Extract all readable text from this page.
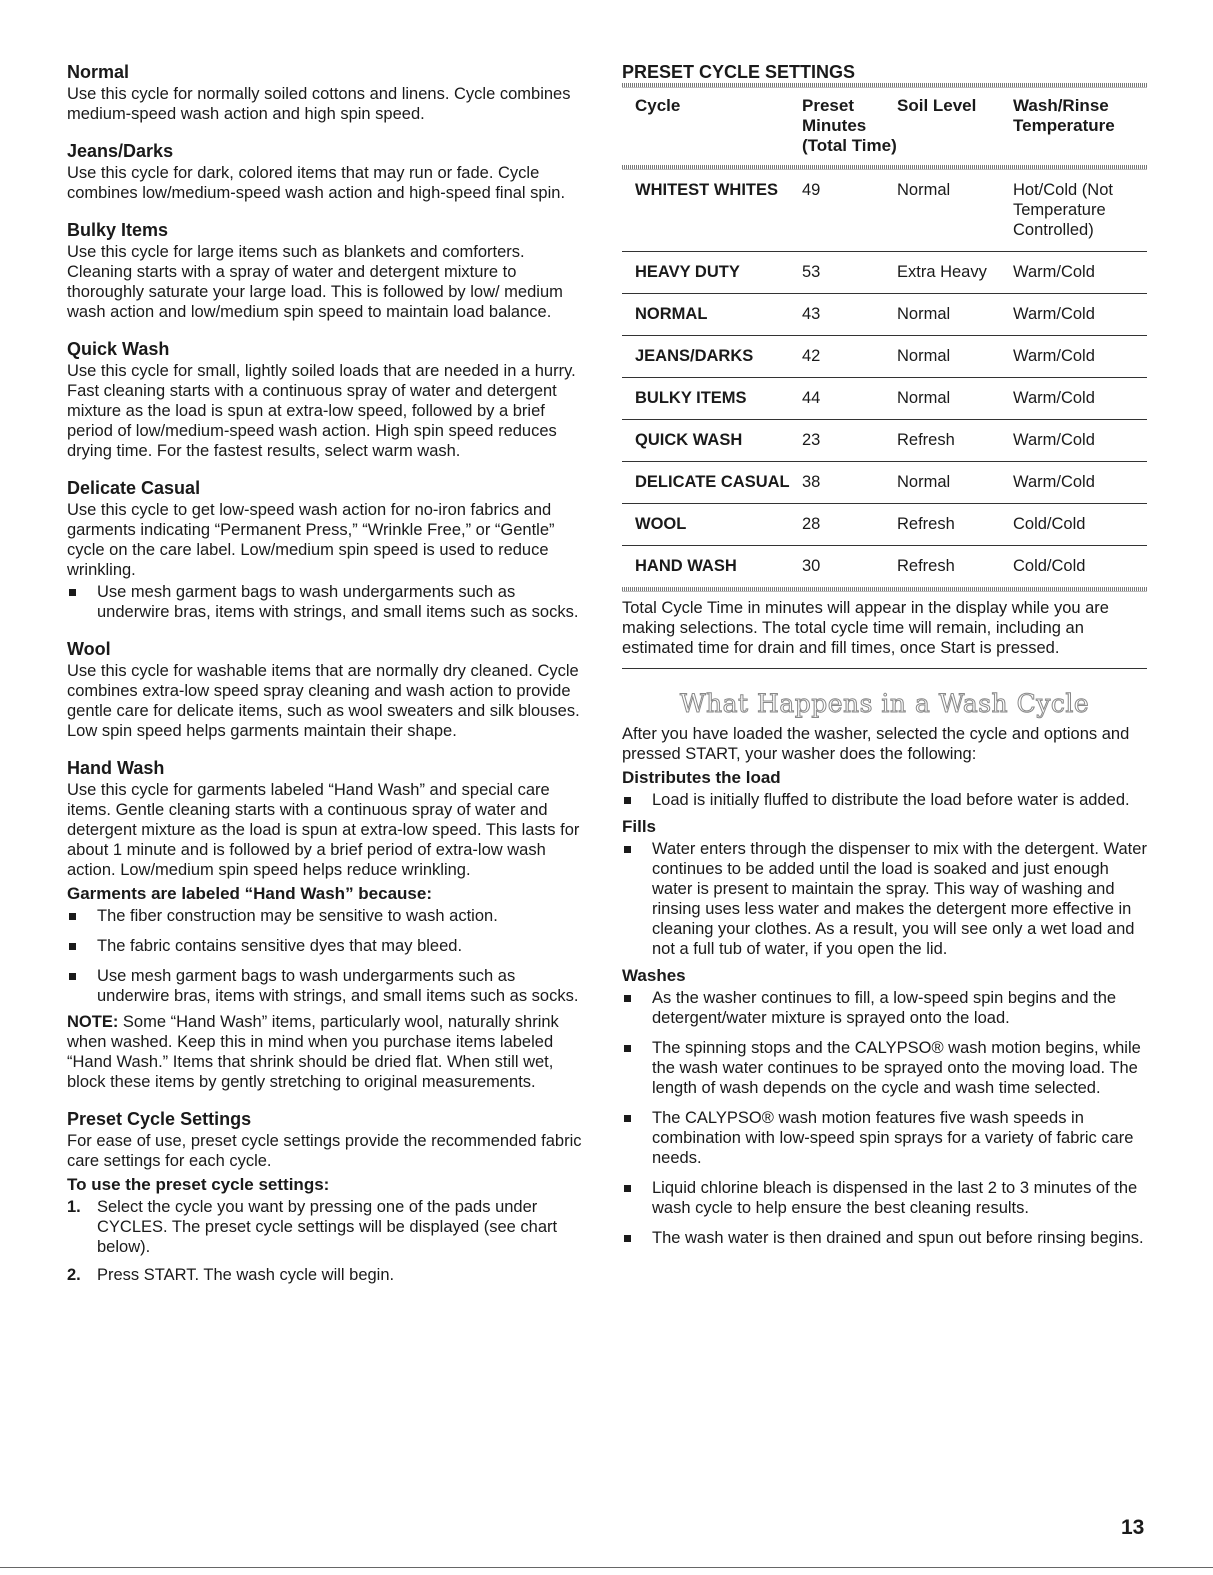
Normal

Use this cycle for normally soiled cottons and linens. Cycle combines medium-speed wash action and high spin speed.

Jeans/Darks

Use this cycle for dark, colored items that may run or fade. Cycle combines low/medium-speed wash action and high-speed final spin.

Bulky Items

Use this cycle for large items such as blankets and comforters. Cleaning starts with a spray of water and detergent mixture to thoroughly saturate your large load. This is followed by low/ medium wash action and low/medium spin speed to maintain load balance.

Quick Wash

Use this cycle for small, lightly soiled loads that are needed in a hurry. Fast cleaning starts with a continuous spray of water and detergent mixture as the load is spun at extra-low speed, followed by a brief period of low/medium-speed wash action. High spin speed reduces drying time. For the fastest results, select warm wash.

Delicate Casual

Use this cycle to get low-speed wash action for no-iron fabrics and garments indicating “Permanent Press,” “Wrinkle Free,” or “Gentle” cycle on the care label. Low/medium spin speed is used to reduce wrinkling.

Use mesh garment bags to wash undergarments such as underwire bras, items with strings, and small items such as socks.
Wool

Use this cycle for washable items that are normally dry cleaned. Cycle combines extra-low speed spray cleaning and wash action to provide gentle care for delicate items, such as wool sweaters and silk blouses. Low spin speed helps garments maintain their shape.

Hand Wash

Use this cycle for garments labeled “Hand Wash” and special care items. Gentle cleaning starts with a continuous spray of water and detergent mixture as the load is spun at extra-low speed. This lasts for about 1 minute and is followed by a brief period of extra-low wash action. Low/medium spin speed helps reduce wrinkling.

Garments are labeled “Hand Wash” because:
The fiber construction may be sensitive to wash action.
The fabric contains sensitive dyes that may bleed.
Use mesh garment bags to wash undergarments such as underwire bras, items with strings, and small items such as socks.

NOTE: Some “Hand Wash” items, particularly wool, naturally shrink when washed. Keep this in mind when you purchase items labeled “Hand Wash.” Items that shrink should be dried flat. When still wet, block these items by gently stretching to original measurements.

Preset Cycle Settings

For ease of use, preset cycle settings provide the recommended fabric care settings for each cycle.

To use the preset cycle settings:
1. Select the cycle you want by pressing one of the pads under CYCLES. The preset cycle settings will be displayed (see chart below).
2. Press START. The wash cycle will begin.
PRESET CYCLE SETTINGS
Cycle	Preset Minutes (Total Time)	Soil Level	Wash/Rinse Temperature
WHITEST WHITES	49	Normal	Hot/Cold (Not Temperature Controlled)
HEAVY DUTY	53	Extra Heavy	Warm/Cold
NORMAL	43	Normal	Warm/Cold
JEANS/DARKS	42	Normal	Warm/Cold
BULKY ITEMS	44	Normal	Warm/Cold
QUICK WASH	23	Refresh	Warm/Cold
DELICATE CASUAL	38	Normal	Warm/Cold
WOOL	28	Refresh	Cold/Cold
HAND WASH	30	Refresh	Cold/Cold

Total Cycle Time in minutes will appear in the display while you are making selections. The total cycle time will remain, including an estimated time for drain and fill times, once Start is pressed.

What Happens in a Wash Cycle

After you have loaded the washer, selected the cycle and options and pressed START, your washer does the following:

Distributes the load
Load is initially fluffed to distribute the load before water is added.
Fills
Water enters through the dispenser to mix with the detergent. Water continues to be added until the load is soaked and just enough water is present to maintain the spray. This way of washing and rinsing uses less water and makes the detergent more effective in cleaning your clothes. As a result, you will see only a wet load and not a full tub of water, if you open the lid.
Washes
As the washer continues to fill, a low-speed spin begins and the detergent/water mixture is sprayed onto the load.
The spinning stops and the CALYPSO® wash motion begins, while the wash water continues to be sprayed onto the moving load. The length of wash depends on the cycle and wash time selected.
The CALYPSO® wash motion features five wash speeds in combination with low-speed spin sprays for a variety of fabric care needs.
Liquid chlorine bleach is dispensed in the last 2 to 3 minutes of the wash cycle to help ensure the best cleaning results.
The wash water is then drained and spun out before rinsing begins.
13
